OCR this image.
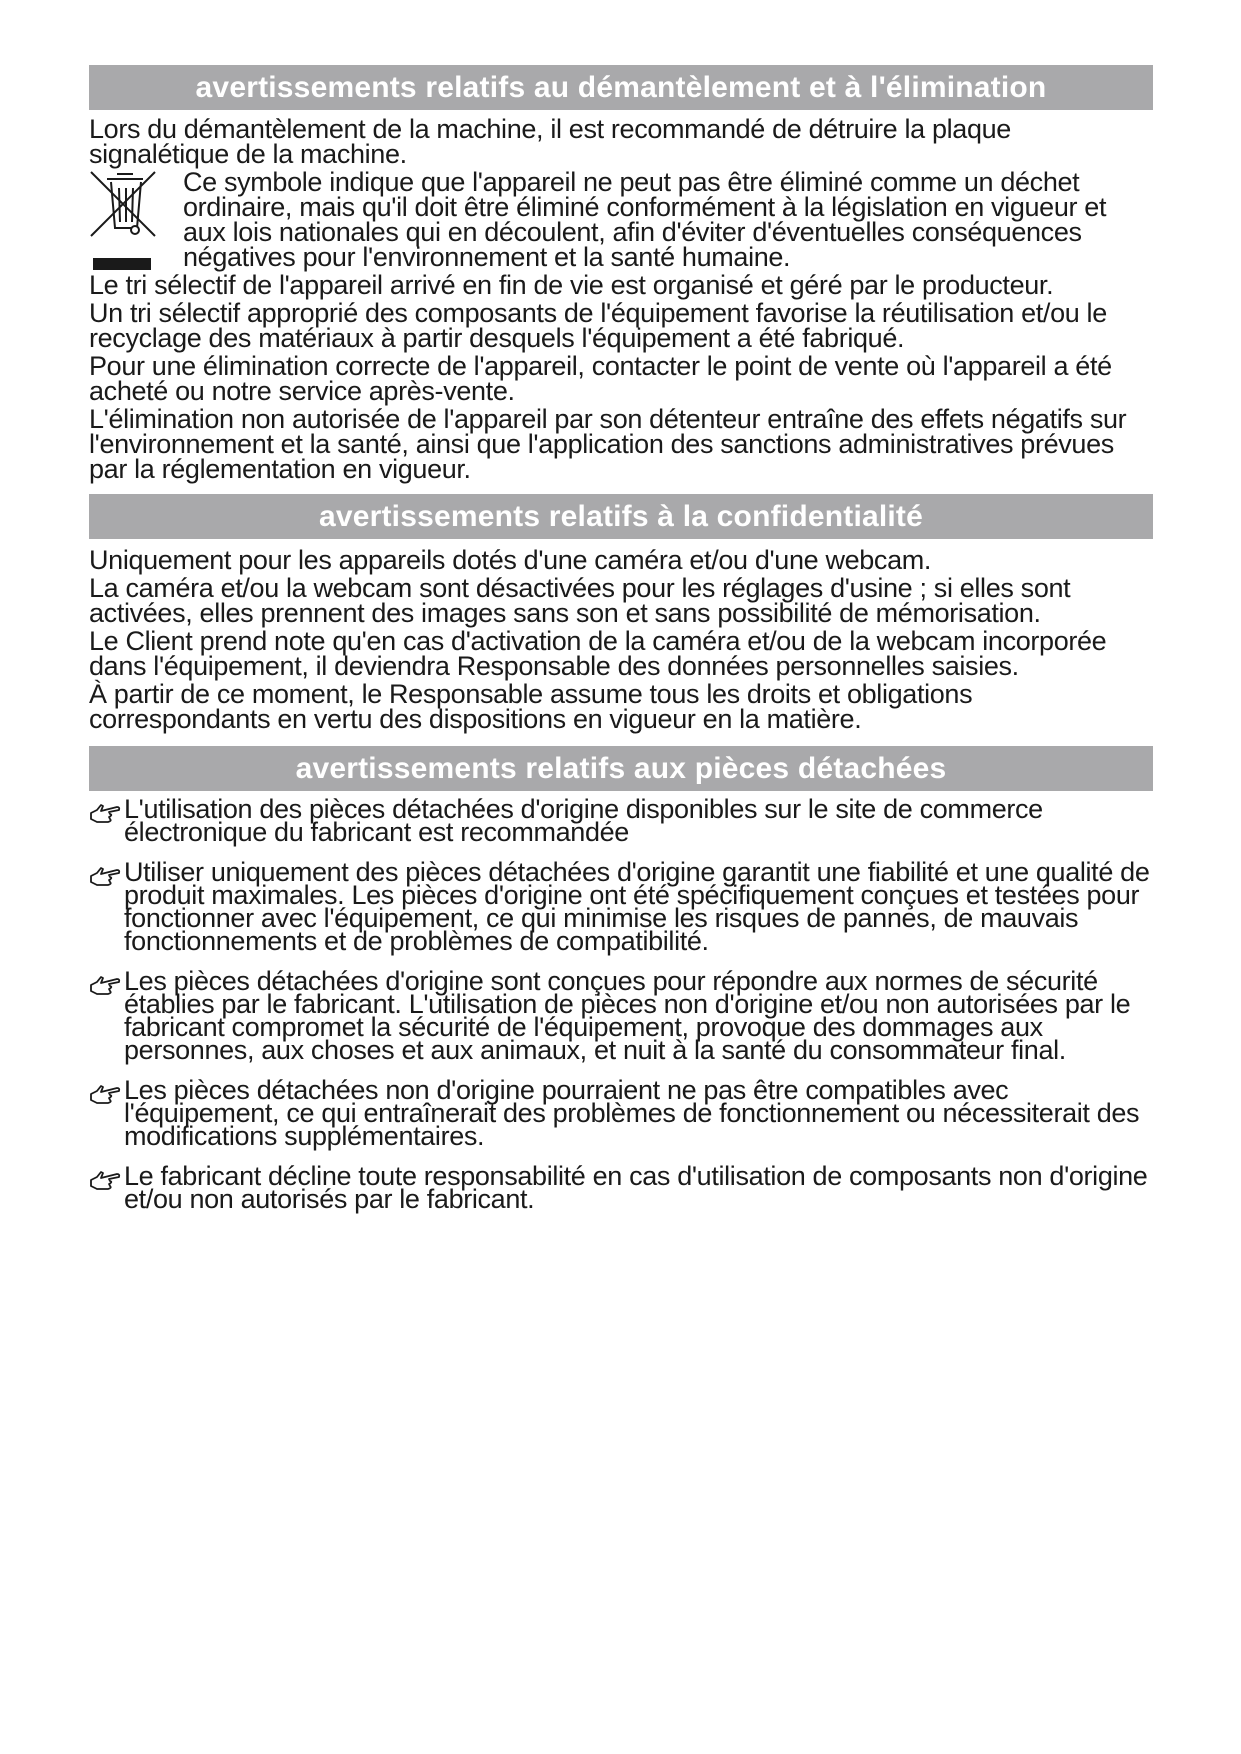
avertissements relatifs au démantèlement et à l'élimination

Lors du démantèlement de la machine, il est recommandé de détruire la plaque signalétique de la machine.

Ce symbole indique que l'appareil ne peut pas être éliminé comme un déchet ordinaire, mais qu'il doit être éliminé conformément à la législation en vigueur et aux lois nationales qui en découlent, afin d'éviter d'éventuelles conséquences négatives pour l'environnement et la santé humaine.

Le tri sélectif de l'appareil arrivé en fin de vie est organisé et géré par le producteur.

Un tri sélectif approprié des composants de l'équipement favorise la réutilisation et/ou le recyclage des matériaux à partir desquels l'équipement a été fabriqué.

Pour une élimination correcte de l'appareil, contacter le point de vente où l'appareil a été acheté ou notre service après-vente.

L'élimination non autorisée de l'appareil par son détenteur entraîne des effets négatifs sur l'environnement et la santé, ainsi que l'application des sanctions administratives prévues par la réglementation en vigueur.

avertissements relatifs à la confidentialité

Uniquement pour les appareils dotés d'une caméra et/ou d'une webcam.

La caméra et/ou la webcam sont désactivées pour les réglages d'usine ; si elles sont activées, elles prennent des images sans son et sans possibilité de mémorisation.

Le Client prend note qu'en cas d'activation de la caméra et/ou de la webcam incorporée dans l'équipement, il deviendra Responsable des données personnelles saisies.

À partir de ce moment, le Responsable assume tous les droits et obligations correspondants en vertu des dispositions en vigueur en la matière.

avertissements relatifs aux pièces détachées
L'utilisation des pièces détachées d'origine disponibles sur le site de commerce électronique du fabricant est recommandée
Utiliser uniquement des pièces détachées d'origine garantit une fiabilité et une qualité de produit maximales. Les pièces d'origine ont été spécifiquement conçues et testées pour fonctionner avec l'équipement, ce qui minimise les risques de pannes, de mauvais fonctionnements et de problèmes de compatibilité.
Les pièces détachées d'origine sont conçues pour répondre aux normes de sécurité établies par le fabricant. L'utilisation de pièces non d'origine et/ou non autorisées par le fabricant compromet la sécurité de l'équipement, provoque des dommages aux personnes, aux choses et aux animaux, et nuit à la santé du consommateur final.
Les pièces détachées non d'origine pourraient ne pas être compatibles avec l'équipement, ce qui entraînerait des problèmes de fonctionnement ou nécessiterait des modifications supplémentaires.
Le fabricant décline toute responsabilité en cas d'utilisation de composants non d'origine et/ou non autorisés par le fabricant.
